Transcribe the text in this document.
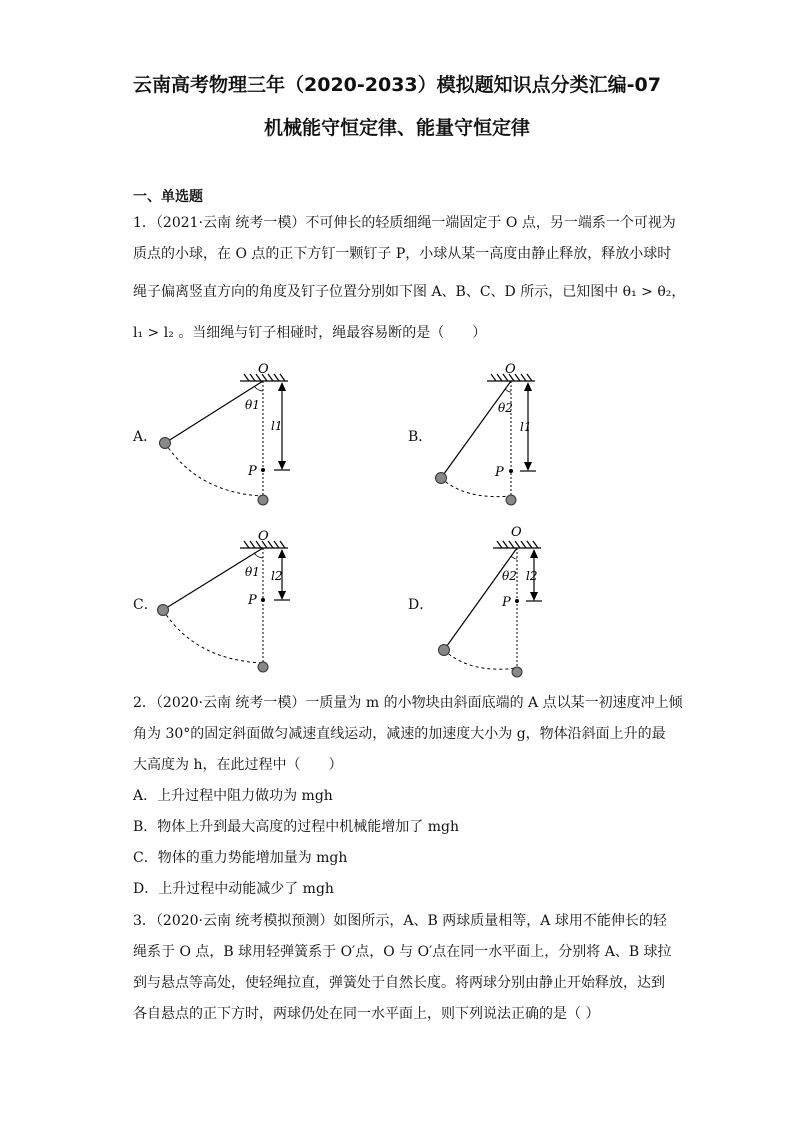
云南高考物理三年（2020-2033）模拟题知识点分类汇编-07
机械能守恒定律、能量守恒定律
一、单选题
1．（2021·云南 统考一模）不可伸长的轻质细绳一端固定于 O 点，另一端系一个可视为
质点的小球，在 O 点的正下方钉一颗钉子 P，小球从某一高度由静止释放，释放小球时
绳子偏离竖直方向的角度及钉子位置分别如下图 A、B、C、D 所示，已知图中 θ₁ > θ₂，
l₁ > l₂ 。当细绳与钉子相碰时，绳最容易断的是（　　）
A．
O
θ1
l1
P
B．
O
θ2
l1
P
C．
O
θ1 l2
P	D．
O
θ2 l2
P
2．（2020·云南 统考一模）一质量为 m 的小物块由斜面底端的 A 点以某一初速度冲上倾
角为 30°的固定斜面做匀减速直线运动，减速的加速度大小为 g，物体沿斜面上升的最
大高度为 h，在此过程中（　　）
A．上升过程中阻力做功为 mgh
B．物体上升到最大高度的过程中机械能增加了 mgh
C．物体的重力势能增加量为 mgh
D．上升过程中动能减少了 mgh
3．（2020·云南 统考模拟预测）如图所示，A、B 两球质量相等，A 球用不能伸长的轻
绳系于 O 点，B 球用轻弹簧系于 O′点，O 与 O′点在同一水平面上，分别将 A、B 球拉
到与悬点等高处，使轻绳拉直，弹簧处于自然长度。将两球分别由静止开始释放，达到
各自悬点的正下方时，两球仍处在同一水平面上，则下列说法正确的是（ ）
